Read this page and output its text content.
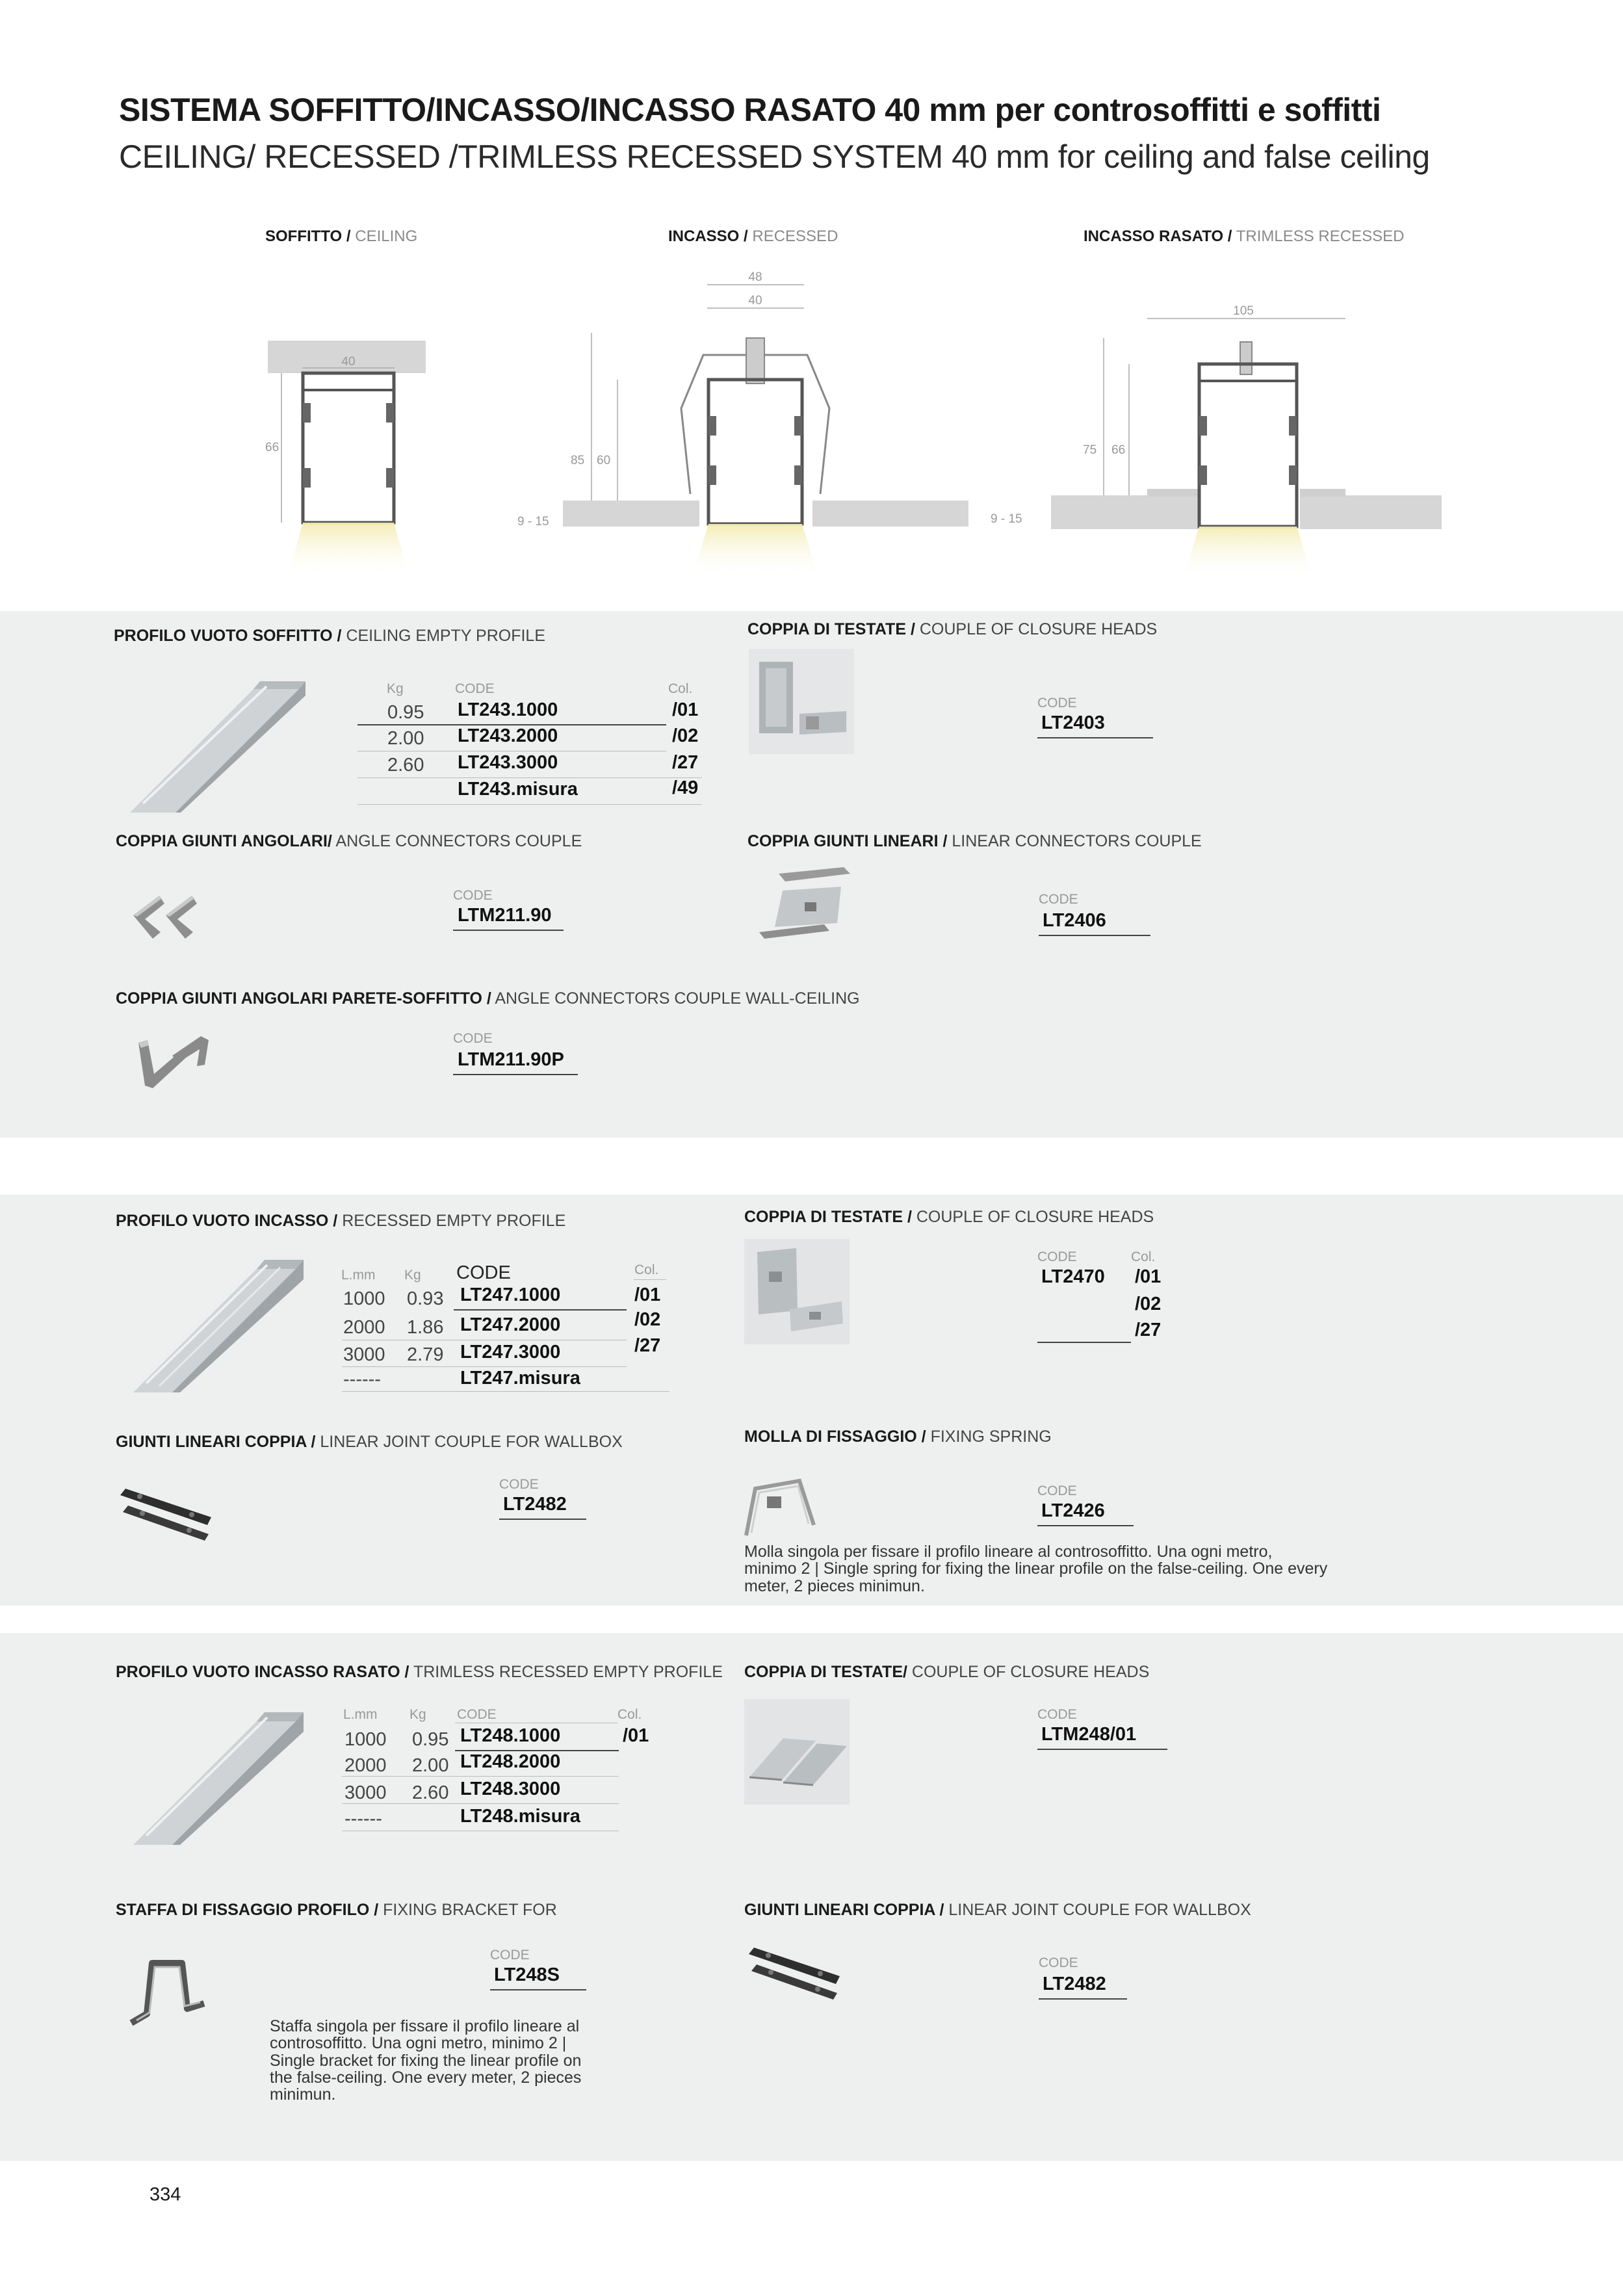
SISTEMA SOFFITTO/INCASSO/INCASSO RASATO 40 mm per controsoffitti e soffitti
CEILING/ RECESSED /TRIMLESS RECESSED SYSTEM 40 mm for ceiling and false ceiling
SOFFITTO / CEILING	INCASSO / RECESSED	INCASSO RASATO / TRIMLESS RECESSED
40
66
48
40
85 60
9 - 15
105
75 66
9 - 15
PROFILO VUOTO SOFFITTO / CEILING EMPTY PROFILE
Kg	CODE	Col.
0.95 LT243.1000	/01
2.00 LT243.2000	/02
2.60 LT243.3000	/27
LT243.misura	/49
COPPIA DI TESTATE / COUPLE OF CLOSURE HEADS
CODE
LT2403
COPPIA GIUNTI ANGOLARI/ ANGLE CONNECTORS COUPLE
CODE
LTM211.90
COPPIA GIUNTI LINEARI / LINEAR CONNECTORS COUPLE
CODE
LT2406
COPPIA GIUNTI ANGOLARI PARETE-SOFFITTO / ANGLE CONNECTORS COUPLE WALL-CEILING
CODE
LTM211.90P
PROFILO VUOTO INCASSO / RECESSED EMPTY PROFILE
L.mm Kg CODE	Col.
1000 0.93 LT247.1000	/01
2000 1.86 LT247.2000	/02
3000 2.79 LT247.3000	/27
------	LT247.misura
COPPIA DI TESTATE / COUPLE OF CLOSURE HEADS
CODE	Col.
LT2470 /01
/02
/27
GIUNTI LINEARI COPPIA / LINEAR JOINT COUPLE FOR WALLBOX
CODE
LT2482
MOLLA DI FISSAGGIO / FIXING SPRING
CODE
LT2426
Molla singola per fissare il profilo lineare al controsoffitto. Una ogni metro,
minimo 2 | Single spring for fixing the linear profile on the false-ceiling. One every
meter, 2 pieces minimun.
PROFILO VUOTO INCASSO RASATO / TRIMLESS RECESSED EMPTY PROFILE
L.mm Kg CODE	Col.
1000 0.95 LT248.1000	/01
2000 2.00 LT248.2000
3000 2.60 LT248.3000
------	LT248.misura
COPPIA DI TESTATE/ COUPLE OF CLOSURE HEADS
CODE
LTM248/01
STAFFA DI FISSAGGIO PROFILO / FIXING BRACKET FOR
CODE
LT248S
Staffa singola per fissare il profilo lineare al
controsoffitto. Una ogni metro, minimo 2 |
Single bracket for fixing the linear profile on
the false-ceiling. One every meter, 2 pieces
minimun.
GIUNTI LINEARI COPPIA / LINEAR JOINT COUPLE FOR WALLBOX
CODE
LT2482
334
